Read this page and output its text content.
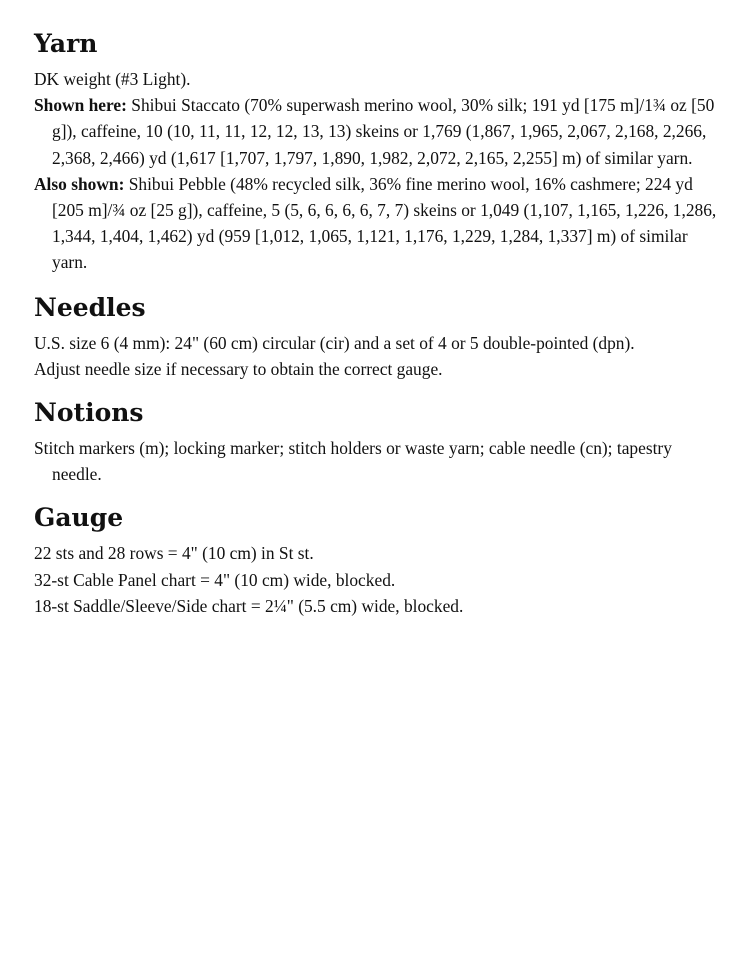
Yarn

DK weight (#3 Light).

Shown here: Shibui Staccato (70% superwash merino wool, 30% silk; 191 yd [175 m]/1¾ oz [50 g]), caffeine, 10 (10, 11, 11, 12, 12, 13, 13) skeins or 1,769 (1,867, 1,965, 2,067, 2,168, 2,266, 2,368, 2,466) yd (1,617 [1,707, 1,797, 1,890, 1,982, 2,072, 2,165, 2,255] m) of similar yarn.

Also shown: Shibui Pebble (48% recycled silk, 36% fine merino wool, 16% cashmere; 224 yd [205 m]/¾ oz [25 g]), caffeine, 5 (5, 6, 6, 6, 6, 7, 7) skeins or 1,049 (1,107, 1,165, 1,226, 1,286, 1,344, 1,404, 1,462) yd (959 [1,012, 1,065, 1,121, 1,176, 1,229, 1,284, 1,337] m) of similar yarn.

Needles

U.S. size 6 (4 mm): 24" (60 cm) circular (cir) and a set of 4 or 5 double-pointed (dpn).

Adjust needle size if necessary to obtain the correct gauge.

Notions

Stitch markers (m); locking marker; stitch holders or waste yarn; cable needle (cn); tapestry needle.

Gauge

22 sts and 28 rows = 4" (10 cm) in St st.

32-st Cable Panel chart = 4" (10 cm) wide, blocked.

18-st Saddle/Sleeve/Side chart = 2¼" (5.5 cm) wide, blocked.
